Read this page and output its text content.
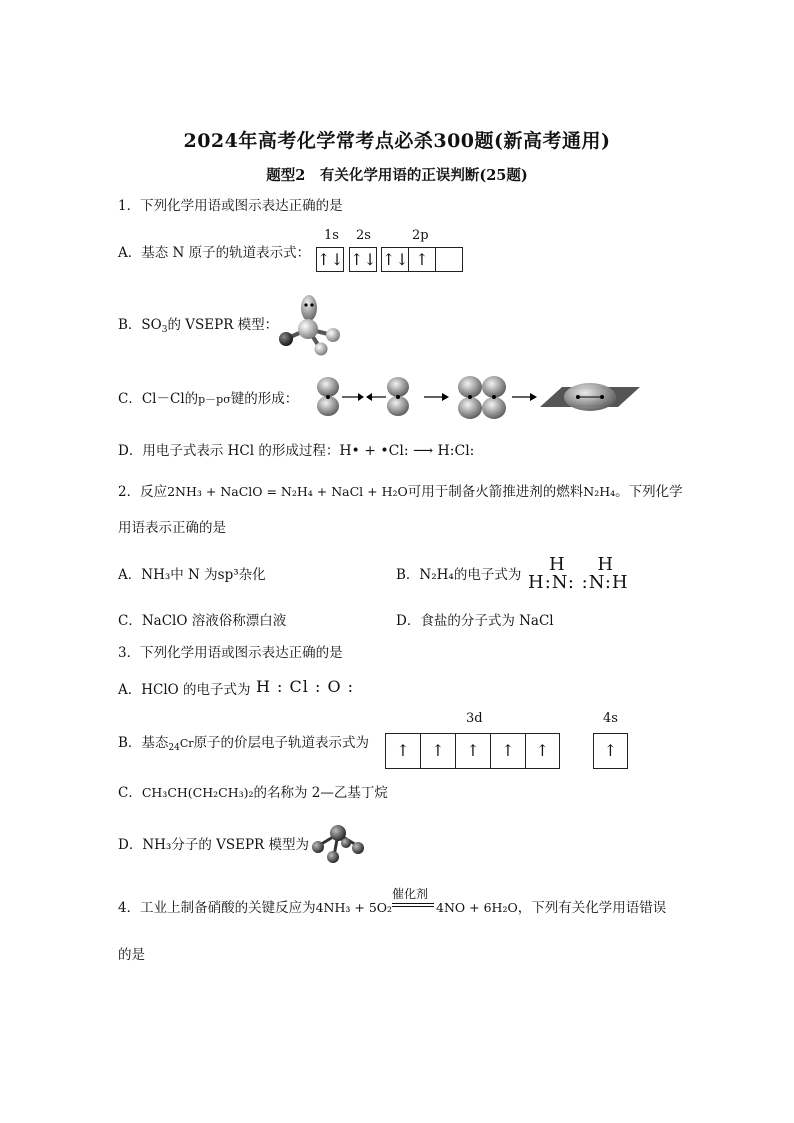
2024年高考化学常考点必杀300题(新高考通用)
题型2　有关化学用语的正误判断(25题)
1．下列化学用语或图示表达正确的是
A．基态 N 原子的轨道表示式：
1s 2s	2p
↑↓ ↑↓ ↑↓ ↑
B．$SO_3$的 VSEPR 模型：
C．Cl－Cl的p－pσ键的形成：
D．用电子式表示 HCl 的形成过程：H• + •Cl: ⟶ H:Cl:
2．反应2NH₃ + NaClO = N₂H₄ + NaCl + H₂O可用于制备火箭推进剂的燃料N₂H₄。下列化学
用语表示正确的是
A．NH₃中 N 为sp³杂化	B．N₂H₄的电子式为 H　 H
H:N: :N:H
C．NaClO 溶液俗称漂白液	D．食盐的分子式为 NaCl
3．下列化学用语或图示表达正确的是
A．HClO 的电子式为 H : Cl : O :
B．基态$_{24}$Cr原子的价层电子轨道表示式为
3d	4s
↑	↑	↑	↑	↑	↑
C．CH₃CH(CH₂CH₃)₂的名称为 2—乙基丁烷
D．NH₃分子的 VSEPR 模型为
4．工业上制备硝酸的关键反应为4NH₃ + 5O₂
催化剂
4NO + 6H₂O，下列有关化学用语错误
的是
